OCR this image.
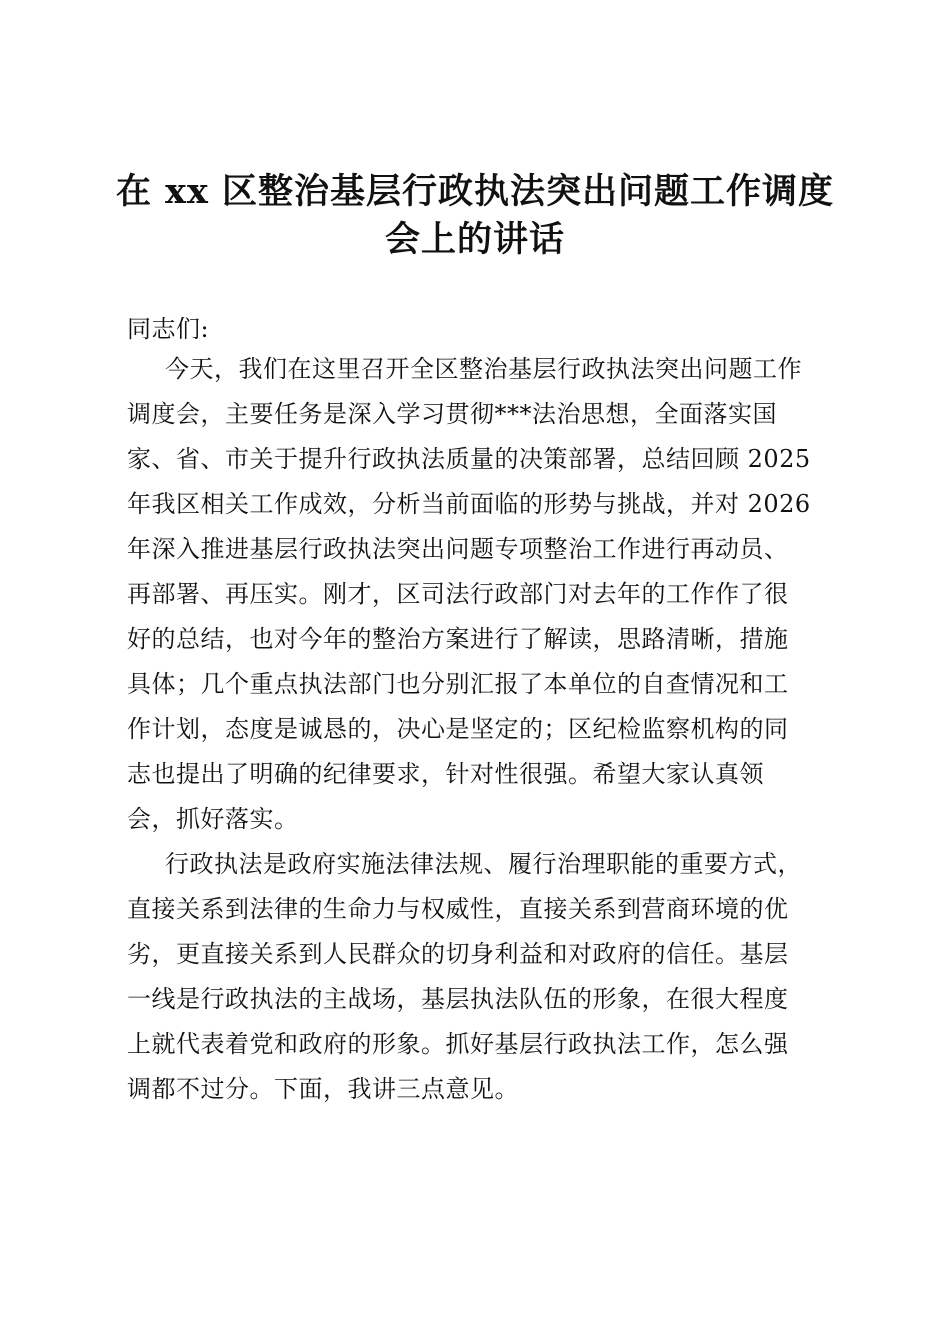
在 xx 区整治基层行政执法突出问题工作调度
会上的讲话
同志们:
今天，我们在这里召开全区整治基层行政执法突出问题工作
调度会，主要任务是深入学习贯彻***法治思想，全面落实国
家、省、市关于提升行政执法质量的决策部署，总结回顾 2025
年我区相关工作成效，分析当前面临的形势与挑战，并对 2026
年深入推进基层行政执法突出问题专项整治工作进行再动员、
再部署、再压实。刚才，区司法行政部门对去年的工作作了很
好的总结，也对今年的整治方案进行了解读，思路清晰，措施
具体；几个重点执法部门也分别汇报了本单位的自查情况和工
作计划，态度是诚恳的，决心是坚定的；区纪检监察机构的同
志也提出了明确的纪律要求，针对性很强。希望大家认真领
会，抓好落实。
行政执法是政府实施法律法规、履行治理职能的重要方式，
直接关系到法律的生命力与权威性，直接关系到营商环境的优
劣，更直接关系到人民群众的切身利益和对政府的信任。基层
一线是行政执法的主战场，基层执法队伍的形象，在很大程度
上就代表着党和政府的形象。抓好基层行政执法工作，怎么强
调都不过分。下面，我讲三点意见。
